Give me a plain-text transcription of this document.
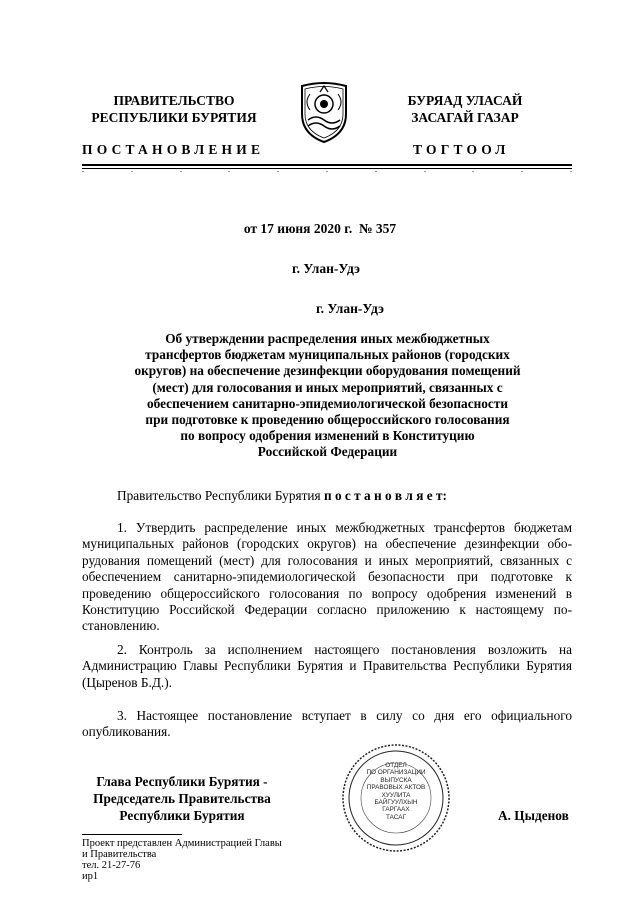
ПРАВИТЕЛЬСТВО
РЕСПУБЛИКИ БУРЯТИЯ
БУРЯАД УЛАСАЙ
ЗАСАГАЙ ГАЗАР
ПОСТАНОВЛЕНИЕ	ТОГТООЛ
от 17 июня 2020 г.  № 357
г. Улан-Удэ
г. Улан-Удэ
Об утверждении распределения иных межбюджетных
трансфертов бюджетам муниципальных районов (городских
округов) на обеспечение дезинфекции оборудования помещений
(мест) для голосования и иных мероприятий, связанных с
обеспечением санитарно-эпидемиологической безопасности
при подготовке к проведению общероссийского голосования
по вопросу одобрения изменений в Конституцию
Российской Федерации
Правительство Республики Бурятия п о с т а н о в л я е т:
1. Утвердить распределение иных межбюджетных трансфертов бюджетам муниципальных районов (городских округов) на обеспечение дезинфекции оборудования помещений (мест) для голосования и иных мероприятий, связанных с обеспечением санитарно-эпидемиологической безопасности при подготовке к проведению общероссийского голосования по вопросу одобрения изменений в Конституцию Российской Федерации согласно приложению к настоящему постановлению.
2. Контроль за исполнением настоящего постановления возложить на Администрацию Главы Республики Бурятия и Правительства Республики Бурятия (Цыренов Б.Д.).
3. Настоящее постановление вступает в силу со дня его официального опубликования.
Глава Республики Бурятия -
Председатель Правительства
Республики Бурятия
ОТДЕЛ
ПО ОРГАНИЗАЦИИ
ВЫПУСКА
ПРАВОВЫХ АКТОВ
ХУУЛИТА
БАЙГУУЛХЫН
ГАРГААХ
ТАСАГ	А. Цыденов
Проект представлен Администрацией Главы
и Правительства
тел. 21-27-76
ир1
